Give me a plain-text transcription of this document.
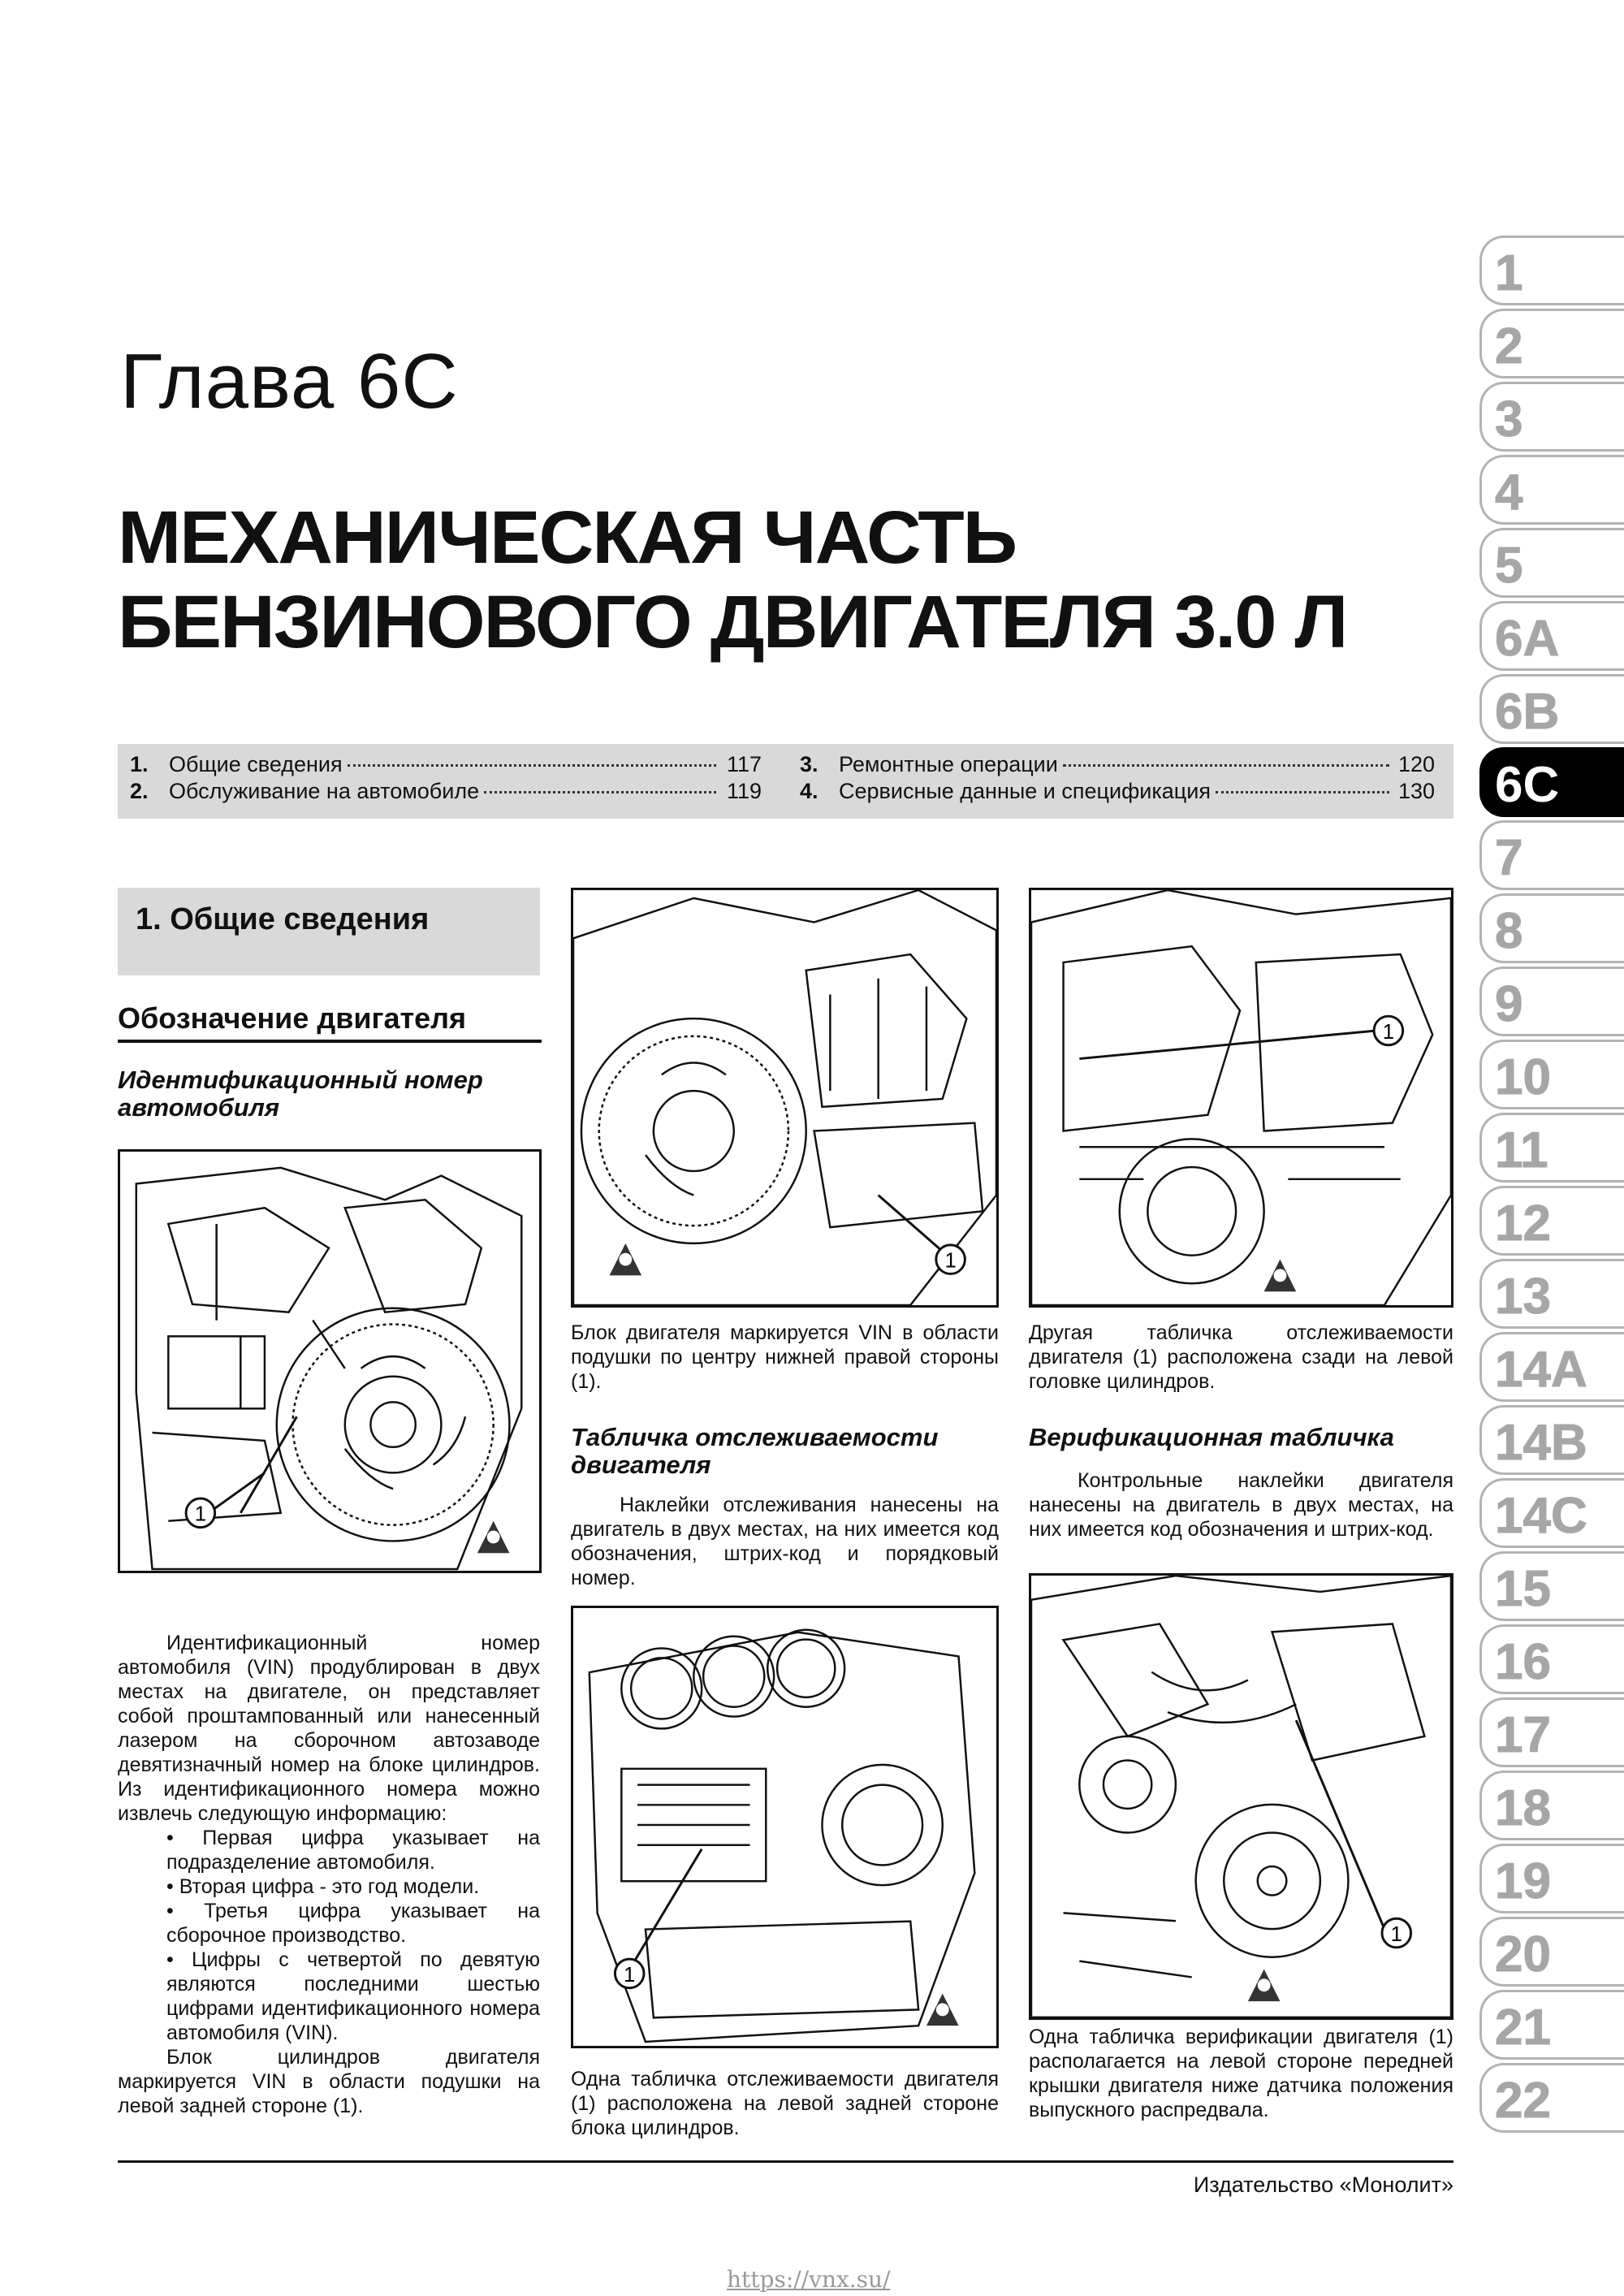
Глава 6С
МЕХАНИЧЕСКАЯ ЧАСТЬ
БЕНЗИНОВОГО ДВИГАТЕЛЯ 3.0 Л
1. Общие сведения	117
2. Обслуживание на автомобиле	119
3. Ремонтные операции	120
4. Сервисные данные и спецификация	130
1
2
3
4
5
6A
6B
6C
7
8
9
10
11
12
13
14A
14B
14C
15
16
17
18
19
20
21
22
1. Общие сведения
Обозначение двигателя
Идентификационный номер автомобиля
1

Идентификационный номер автомобиля (VIN) продублирован в двух местах на двигателе, он представляет собой проштампованный или нанесенный лазером на сборочном автозаводе девятизначный номер на блоке цилиндров. Из идентификационного номера можно извлечь следующую информацию:

• Первая цифра указывает на подразделение автомобиля.

• Вторая цифра - это год модели.

• Третья цифра указывает на сборочное производство.

• Цифры с четвертой по девятую являются последними шестью цифрами идентификационного номера автомобиля (VIN).

Блок цилиндров двигателя маркируется VIN в области подушки на левой задней стороне (1).

1
Блок двигателя маркируется VIN в области подушки по центру нижней правой стороны (1).
Табличка отслеживаемости двигателя

Наклейки отслеживания нанесены на двигатель в двух местах, на них имеется код обозначения, штрих-код и порядковый номер.

1
Одна табличка отслеживаемости двигателя (1) расположена на левой задней стороне блока цилиндров.
1
Другая табличка отслеживаемости двигателя (1) расположена сзади на левой головке цилиндров.
Верификационная табличка

Контрольные наклейки двигателя нанесены на двигатель в двух местах, на них имеется код обозначения и штрих-код.

1
Одна табличка верификации двигателя (1) располагается на левой стороне передней крышки двигателя ниже датчика положения выпускного распредвала.
Издательство «Монолит»
https://vnx.su/
